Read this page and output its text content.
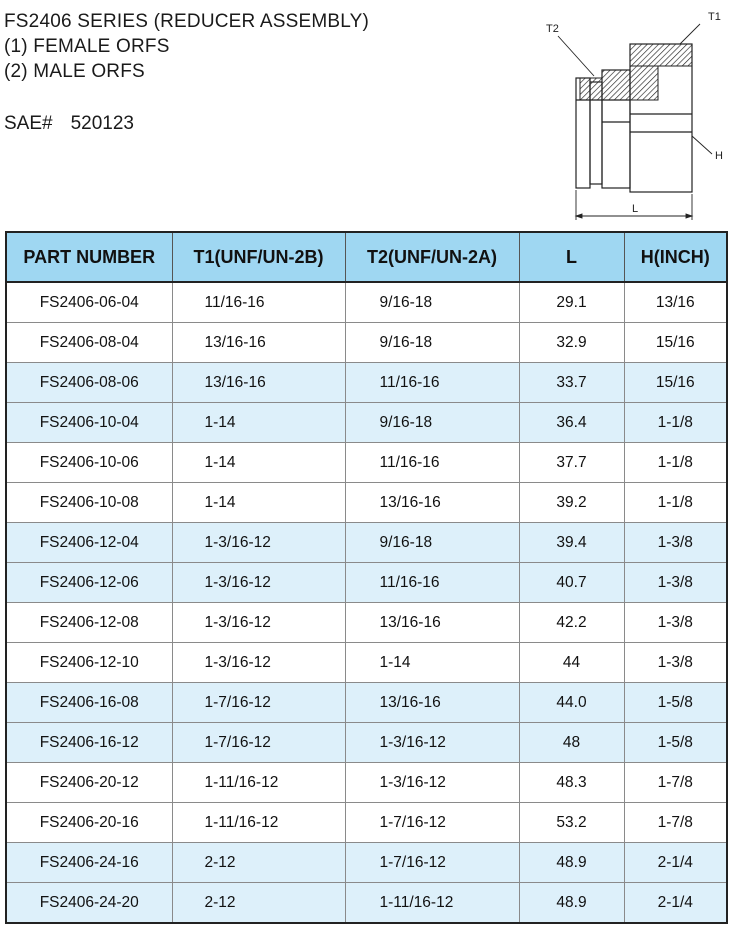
FS2406 SERIES (REDUCER ASSEMBLY)
(1) FEMALE ORFS
(2) MALE ORFS
SAE# 520123
T2
T1
H
L
PART NUMBER	T1(UNF/UN-2B)	T2(UNF/UN-2A)	L	H(INCH)
FS2406-06-04	11/16-16	9/16-18	29.1	13/16
FS2406-08-04	13/16-16	9/16-18	32.9	15/16
FS2406-08-06	13/16-16	11/16-16	33.7	15/16
FS2406-10-04	1-14	9/16-18	36.4	1-1/8
FS2406-10-06	1-14	11/16-16	37.7	1-1/8
FS2406-10-08	1-14	13/16-16	39.2	1-1/8
FS2406-12-04	1-3/16-12	9/16-18	39.4	1-3/8
FS2406-12-06	1-3/16-12	11/16-16	40.7	1-3/8
FS2406-12-08	1-3/16-12	13/16-16	42.2	1-3/8
FS2406-12-10	1-3/16-12	1-14	44	1-3/8
FS2406-16-08	1-7/16-12	13/16-16	44.0	1-5/8
FS2406-16-12	1-7/16-12	1-3/16-12	48	1-5/8
FS2406-20-12	1-11/16-12	1-3/16-12	48.3	1-7/8
FS2406-20-16	1-11/16-12	1-7/16-12	53.2	1-7/8
FS2406-24-16	2-12	1-7/16-12	48.9	2-1/4
FS2406-24-20	2-12	1-11/16-12	48.9	2-1/4
